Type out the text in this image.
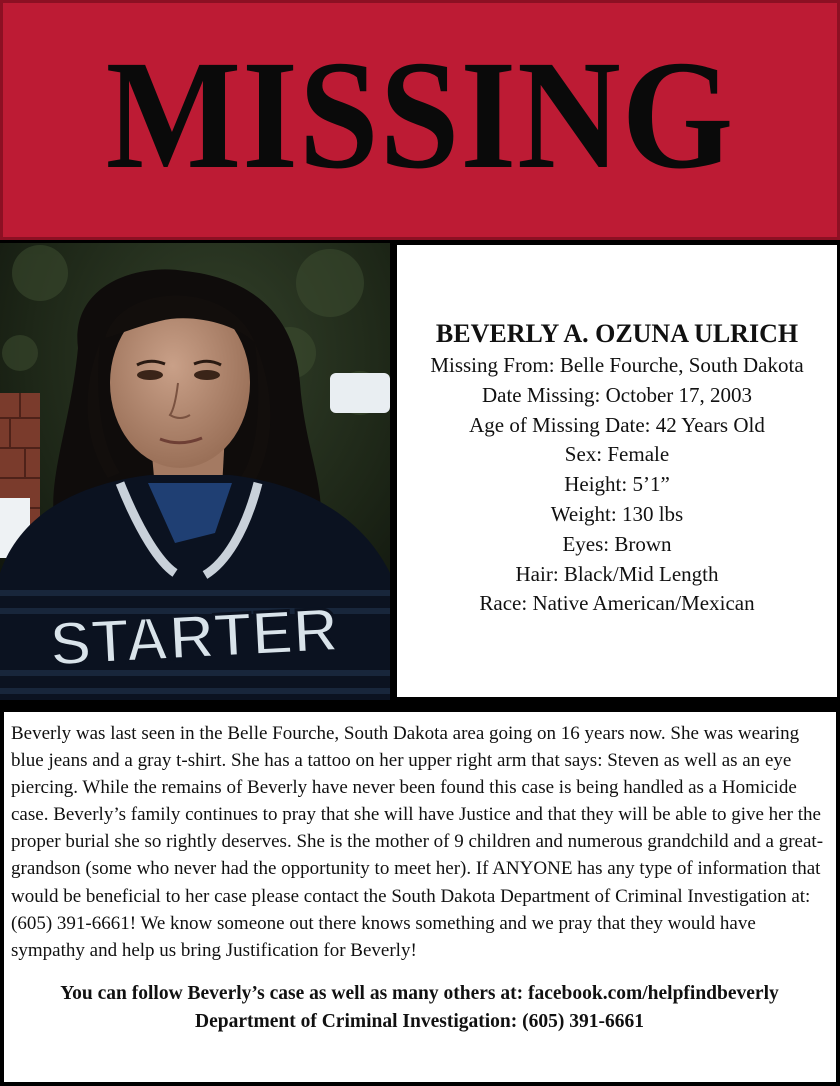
MISSING
STARTER
BEVERLY A. OZUNA ULRICH
Missing From: Belle Fourche, South Dakota
Date Missing: October 17, 2003
Age of Missing Date: 42 Years Old
Sex: Female
Height: 5’1”
Weight: 130 lbs
Eyes: Brown
Hair: Black/Mid Length
Race: Native American/Mexican
Beverly was last seen in the Belle Fourche, South Dakota area going on 16 years now. She was wearing blue jeans and a gray t-shirt. She has a tattoo on her upper right arm that says: Steven as well as an eye piercing. While the remains of Beverly have never been found this case is being handled as a Homicide case. Beverly’s family continues to pray that she will have Justice and that they will be able to give her the proper burial she so rightly deserves. She is the mother of 9 children and numerous grandchild and a great-grandson (some who never had the opportunity to meet her). If ANYONE has any type of information that would be beneficial to her case please contact the South Dakota Department of Criminal Investigation at: (605) 391-6661! We know someone out there knows something and we pray that they would have sympathy and help us bring Justification for Beverly!
You can follow Beverly’s case as well as many others at: facebook.com/helpfindbeverly
Department of Criminal Investigation: (605) 391-6661
